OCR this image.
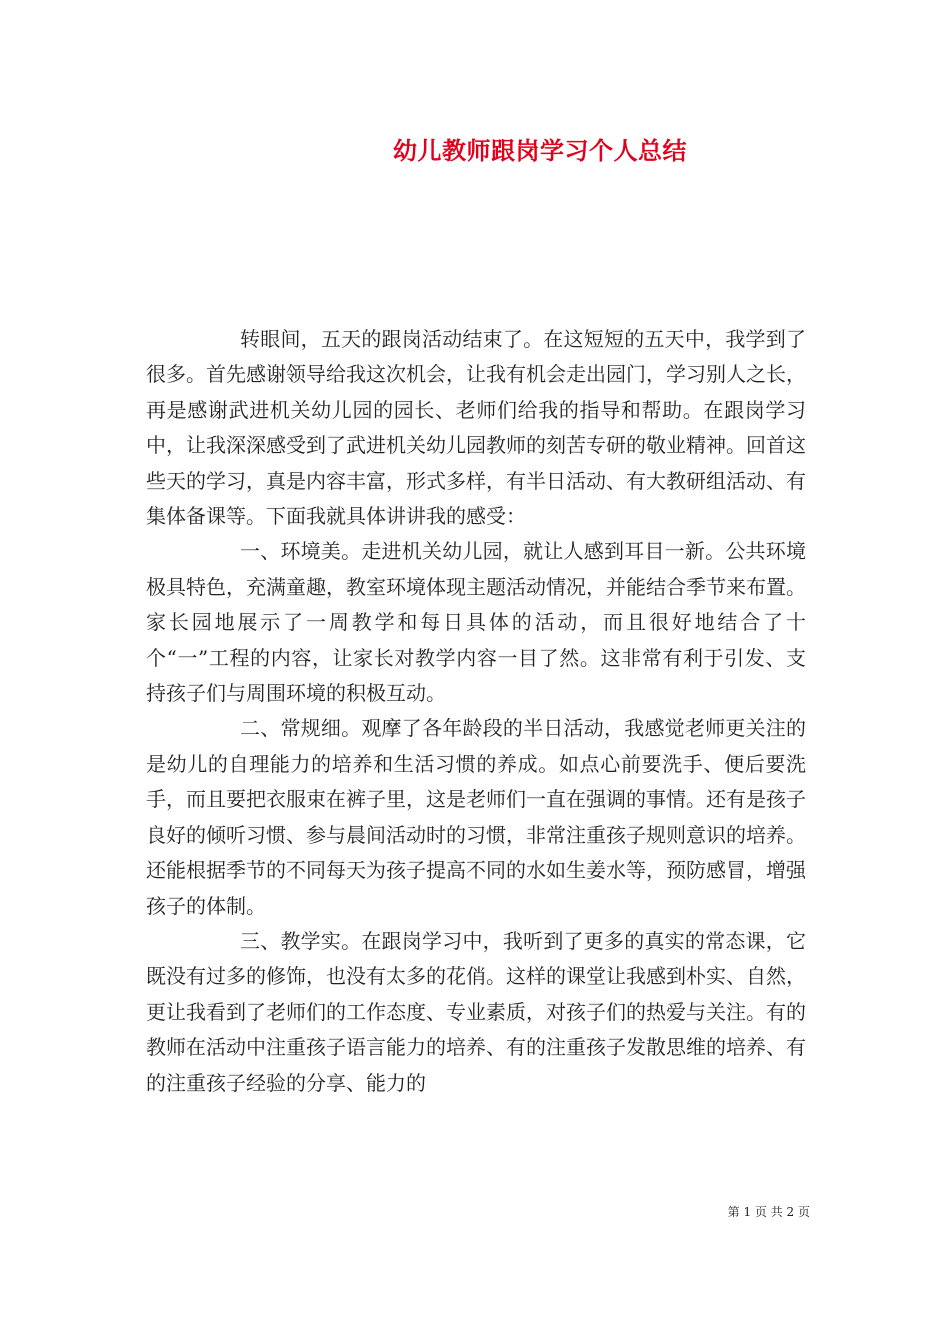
幼儿教师跟岗学习个人总结

转眼间，五天的跟岗活动结束了。在这短短的五天中，我学到了很多。首先感谢领导给我这次机会，让我有机会走出园门，学习别人之长，再是感谢武进机关幼儿园的园长、老师们给我的指导和帮助。在跟岗学习中，让我深深感受到了武进机关幼儿园教师的刻苦专研的敬业精神。回首这些天的学习，真是内容丰富，形式多样，有半日活动、有大教研组活动、有集体备课等。下面我就具体讲讲我的感受：

一、环境美。走进机关幼儿园，就让人感到耳目一新。公共环境极具特色，充满童趣，教室环境体现主题活动情况，并能结合季节来布置。家长园地展示了一周教学和每日具体的活动，而且很好地结合了十个“一”工程的内容，让家长对教学内容一目了然。这非常有利于引发、支持孩子们与周围环境的积极互动。

二、常规细。观摩了各年龄段的半日活动，我感觉老师更关注的是幼儿的自理能力的培养和生活习惯的养成。如点心前要洗手、便后要洗手，而且要把衣服束在裤子里，这是老师们一直在强调的事情。还有是孩子良好的倾听习惯、参与晨间活动时的习惯，非常注重孩子规则意识的培养。还能根据季节的不同每天为孩子提高不同的水如生姜水等，预防感冒，增强孩子的体制。

三、教学实。在跟岗学习中，我听到了更多的真实的常态课，它既没有过多的修饰，也没有太多的花俏。这样的课堂让我感到朴实、自然，更让我看到了老师们的工作态度、专业素质，对孩子们的热爱与关注。有的教师在活动中注重孩子语言能力的培养、有的注重孩子发散思维的培养、有的注重孩子经验的分享、能力的

第 1 页 共 2 页
